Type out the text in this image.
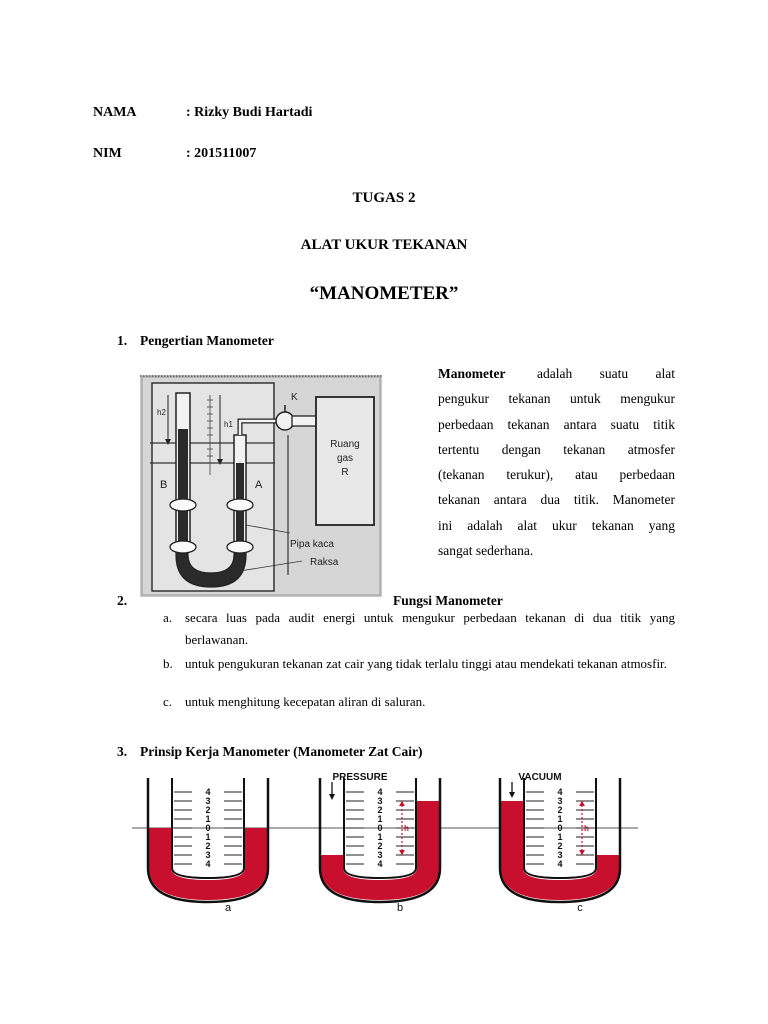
NAMA	: Rizky Budi Hartadi
NIM	: 201511007
TUGAS 2
ALAT UKUR TEKANAN
“MANOMETER”
1. Pengertian Manometer
h2
h1
K
Ruang
gas
R
B	A
Pipa kaca
Raksa
Manometer adalah suatu alat
pengukur tekanan untuk mengukur
perbedaan tekanan antara suatu titik
tertentu dengan tekanan atmosfer
(tekanan terukur), atau perbedaan
tekanan antara dua titik. Manometer
ini adalah alat ukur tekanan yang
sangat sederhana.
2.	Fungsi Manometer
a. secara luas pada audit energi untuk mengukur perbedaan tekanan di dua titik yang berlawanan.
b. untuk pengukuran tekanan zat cair yang tidak terlalu tinggi atau mendekati tekanan atmosfir.
c. untuk menghitung kecepatan aliran di saluran.
3. Prinsip Kerja Manometer (Manometer Zat Cair)
4
3
2
1
0
1
2
3
4
a
4
3
2
1
0
1
2
3
4
h
PRESSURE
b
4
3
2
1
0
1
2
3
4
h
VACUUM
c
